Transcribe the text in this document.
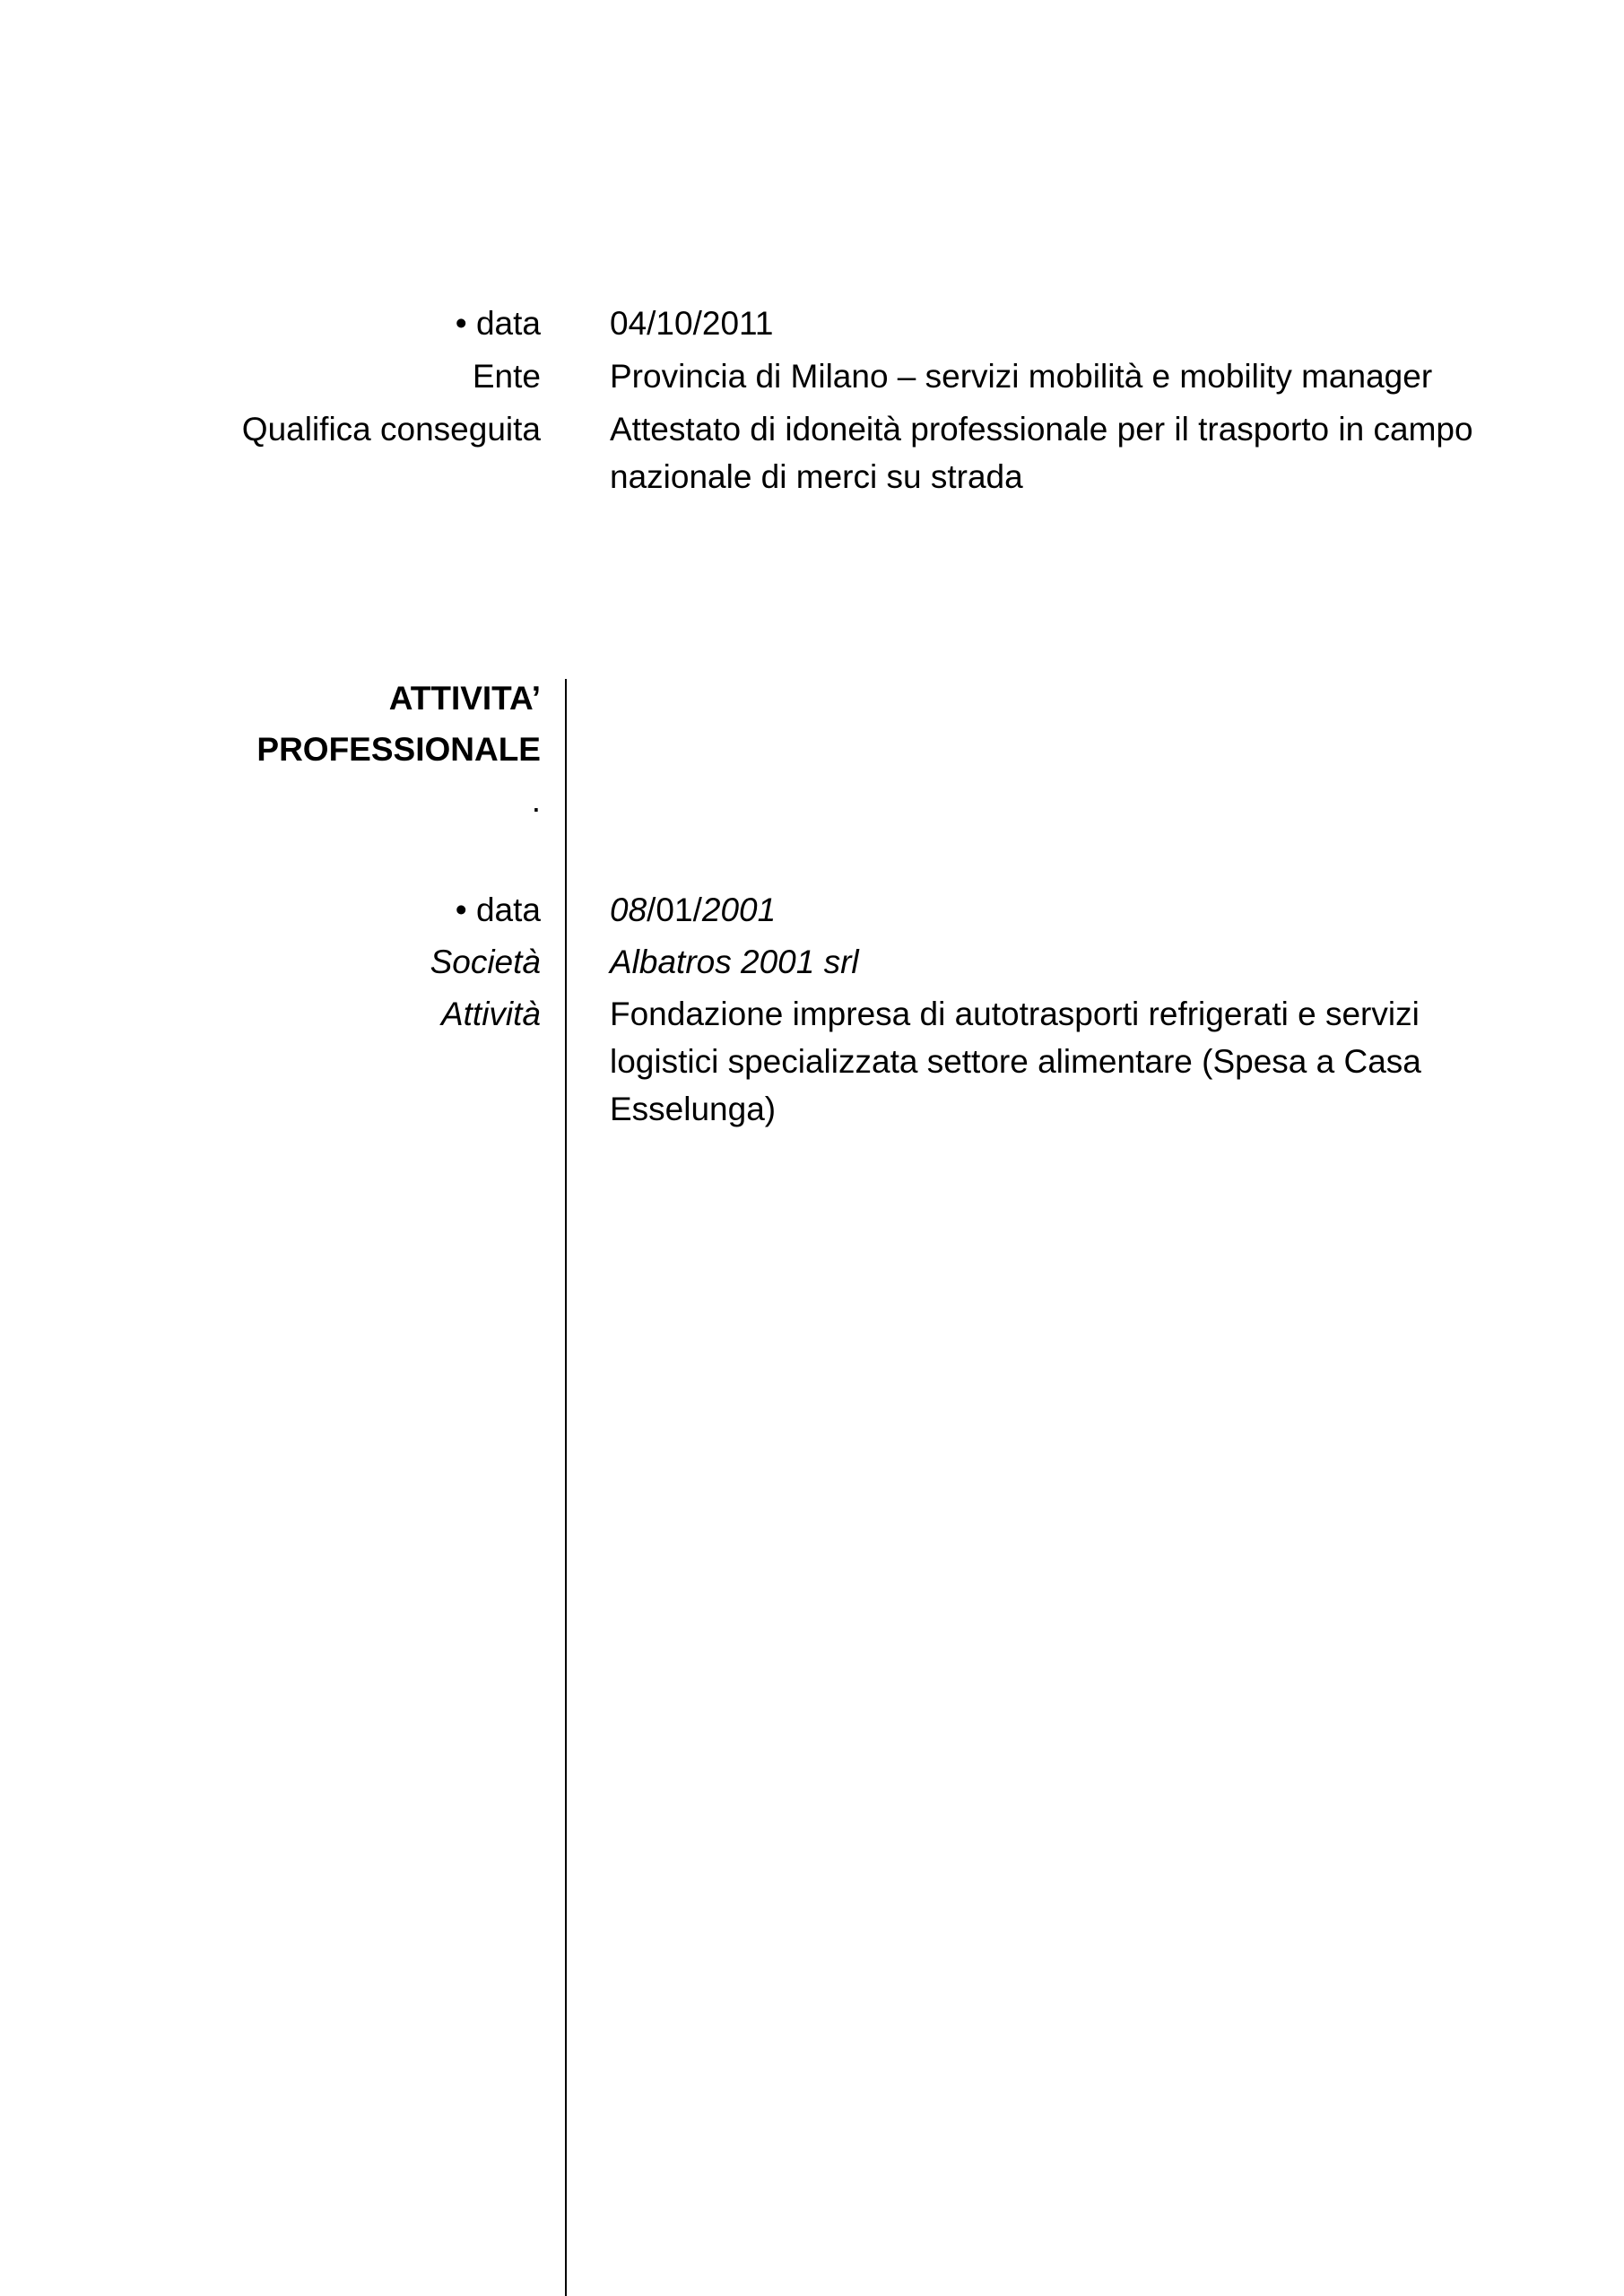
• data 04/10/2011
Ente Provincia di Milano – servizi mobilità e mobility manager
Qualifica conseguita Attestato di idoneità professionale per il trasporto in campo
nazionale di merci su strada
ATTIVITA’
PROFESSIONALE
.
• data 08/01/2001
Società Albatros 2001 srl
Attività Fondazione impresa di autotrasporti refrigerati e servizi
logistici specializzata settore alimentare (Spesa a Casa
Esselunga)
